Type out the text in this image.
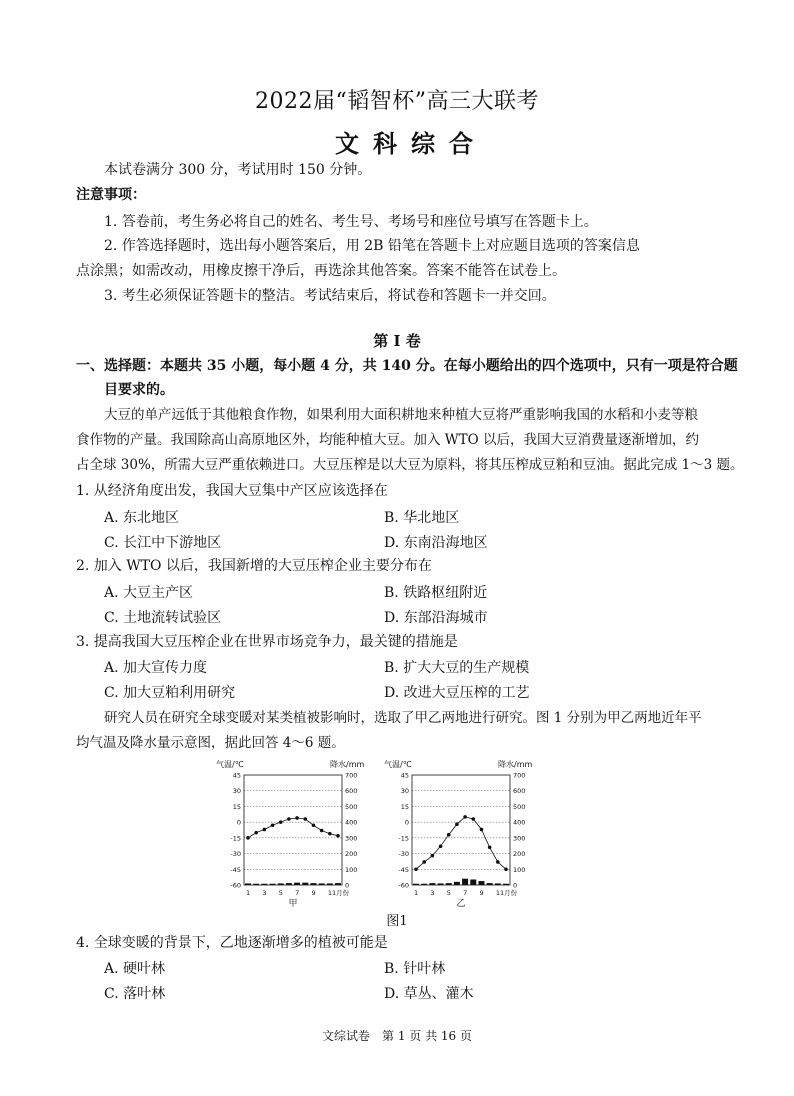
2022届“韬智杯”高三大联考
文科综合
本试卷满分 300 分，考试用时 150 分钟。
注意事项：
1. 答卷前，考生务必将自己的姓名、考生号、考场号和座位号填写在答题卡上。
2. 作答选择题时，选出每小题答案后，用 2B 铅笔在答题卡上对应题目选项的答案信息
点涂黑；如需改动，用橡皮擦干净后，再选涂其他答案。答案不能答在试卷上。
3. 考生必须保证答题卡的整洁。考试结束后，将试卷和答题卡一并交回。
第 I 卷
一、选择题：本题共 35 小题，每小题 4 分，共 140 分。在每小题给出的四个选项中，只有一项是符合题
目要求的。
大豆的单产远低于其他粮食作物，如果利用大面积耕地来种植大豆将严重影响我国的水稻和小麦等粮
食作物的产量。我国除高山高原地区外，均能种植大豆。加入 WTO 以后，我国大豆消费量逐渐增加，约
占全球 30%，所需大豆严重依赖进口。大豆压榨是以大豆为原料，将其压榨成豆粕和豆油。据此完成 1～3 题。
1. 从经济角度出发，我国大豆集中产区应该选择在
A. 东北地区	B. 华北地区
C. 长江中下游地区	D. 东南沿海地区
2. 加入 WTO 以后，我国新增的大豆压榨企业主要分布在
A. 大豆主产区	B. 铁路枢纽附近
C. 土地流转试验区	D. 东部沿海城市
3. 提高我国大豆压榨企业在世界市场竞争力，最关键的措施是
A. 加大宣传力度	B. 扩大大豆的生产规模
C. 加大豆粕利用研究	D. 改进大豆压榨的工艺
研究人员在研究全球变暖对某类植被影响时，选取了甲乙两地进行研究。图 1 分别为甲乙两地近年平
均气温及降水量示意图，据此回答 4～6 题。
气温/℃	降水/mm
45
30
15
0
-15
-30
-45
-60
700
600
500
400
300
200
100
0
1 3 5 7 9 11月份
甲
气温/℃	降水/mm
45
30
15
0
-15
-30
-45
-60
700
600
500
400
300
200
100
0
1 3 5 7 9 11月份
乙
图1
4. 全球变暖的背景下，乙地逐渐增多的植被可能是
A. 硬叶林	B. 针叶林
C. 落叶林	D. 草丛、灌木
文综试卷　第 1 页 共 16 页
